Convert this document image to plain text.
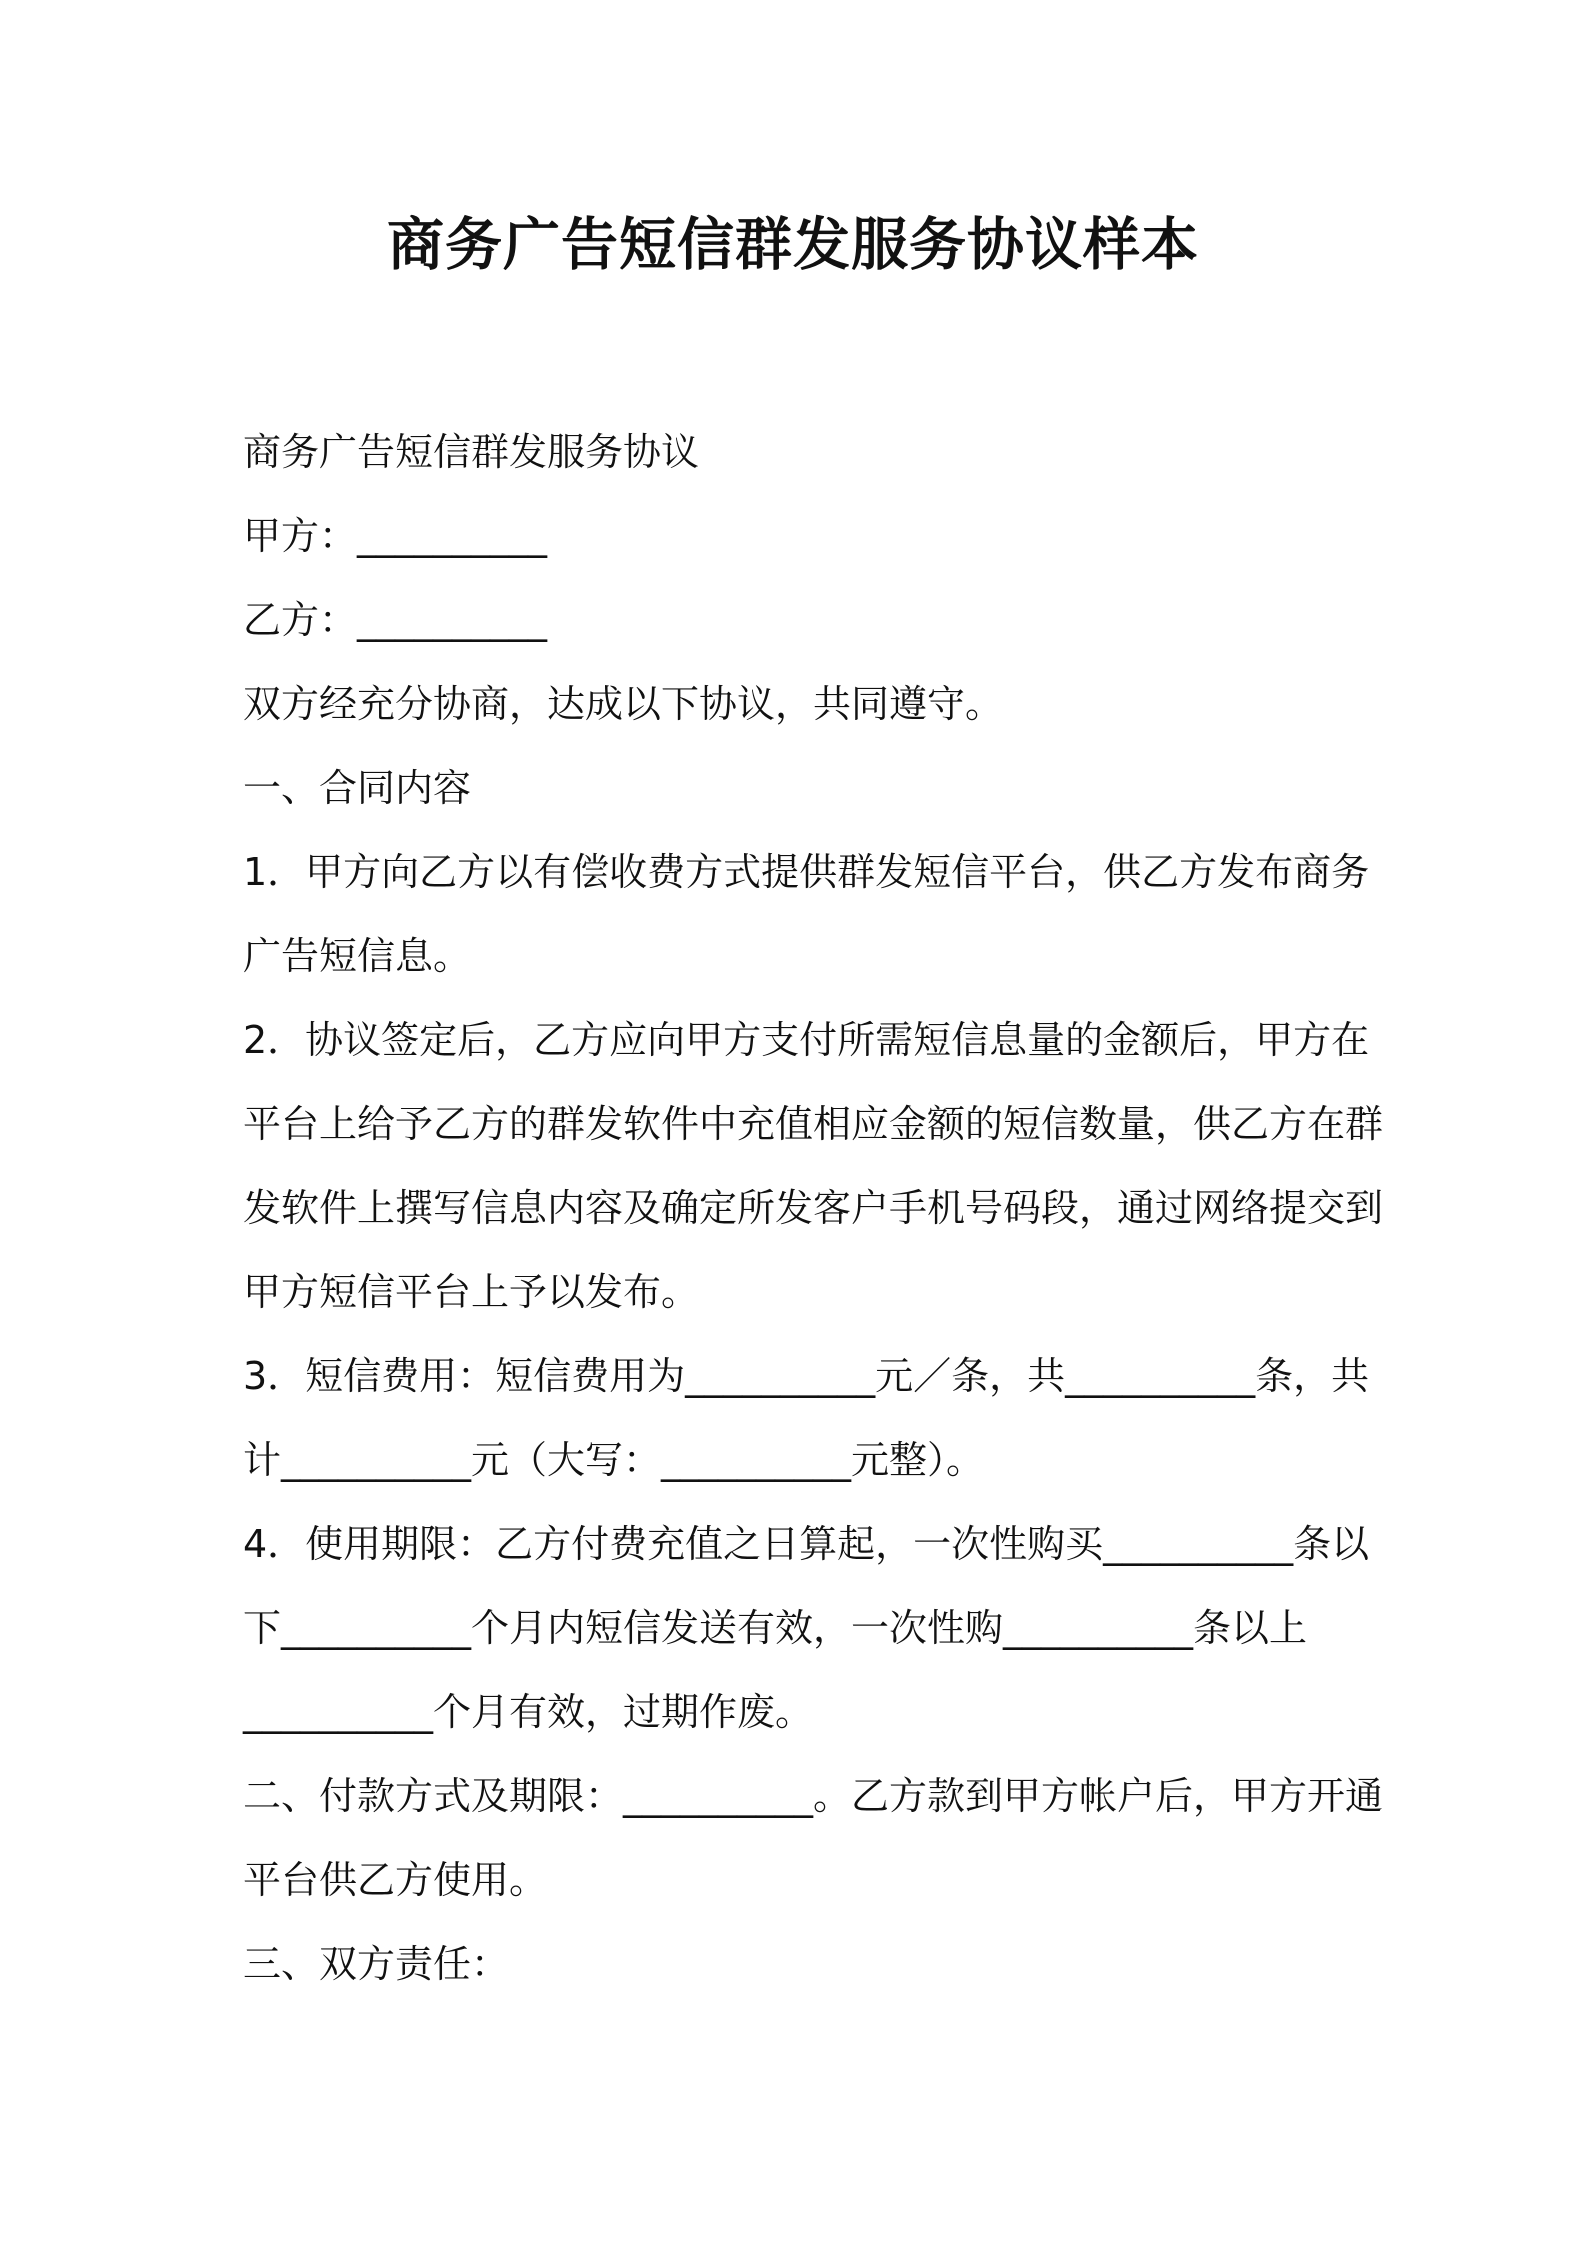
商务广告短信群发服务协议样本

商务广告短信群发服务协议

甲方：__________

乙方：__________

双方经充分协商，达成以下协议，共同遵守。

一、合同内容

1．甲方向乙方以有偿收费方式提供群发短信平台，供乙方发布商务

广告短信息。

2．协议签定后，乙方应向甲方支付所需短信息量的金额后，甲方在

平台上给予乙方的群发软件中充值相应金额的短信数量，供乙方在群

发软件上撰写信息内容及确定所发客户手机号码段，通过网络提交到

甲方短信平台上予以发布。

3．短信费用：短信费用为__________元／条，共__________条，共

计__________元（大写：__________元整）。

4．使用期限：乙方付费充值之日算起，一次性购买__________条以

下__________个月内短信发送有效，一次性购__________条以上

__________个月有效，过期作废。

二、付款方式及期限：__________。乙方款到甲方帐户后，甲方开通

平台供乙方使用。

三、双方责任：
